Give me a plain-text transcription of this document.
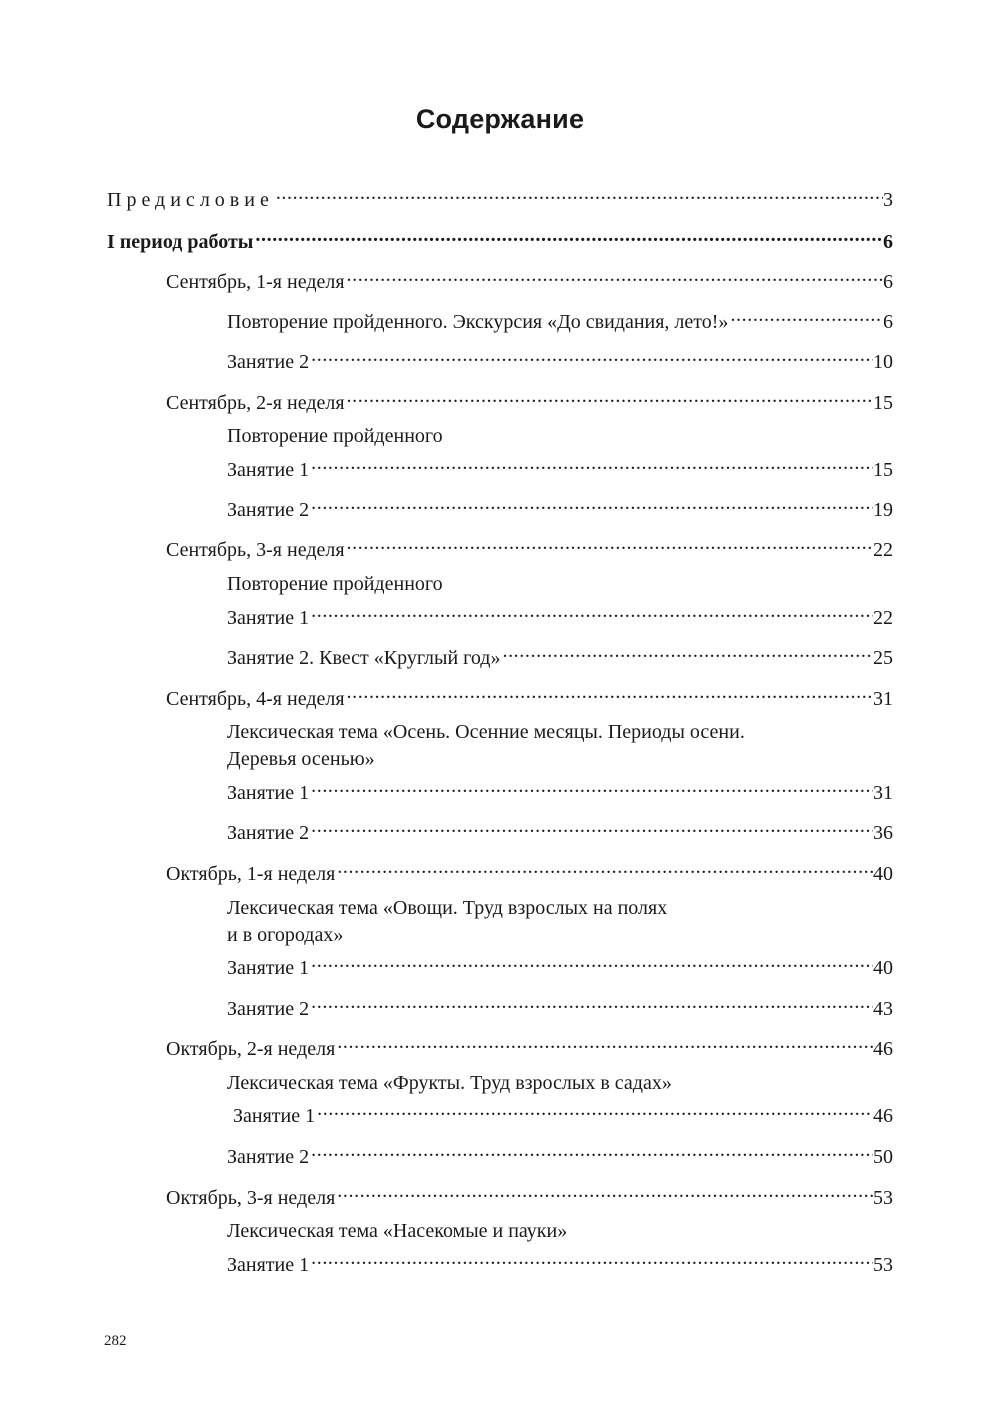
Содержание
Предисловие .....	3
I период работы .....	6
Сентябрь, 1-я неделя .....	6
Повторение пройденного. Экскурсия «До свидания, лето!» .....	6
Занятие 2 .....	10
Сентябрь, 2-я неделя .....	15
Повторение пройденного
Занятие 1 .....	15
Занятие 2 .....	19
Сентябрь, 3-я неделя .....	22
Повторение пройденного
Занятие 1 .....	22
Занятие 2. Квест «Круглый год» .....	25
Сентябрь, 4-я неделя .....	31
Лексическая тема «Осень. Осенние месяцы. Периоды осени.
Деревья осенью»
Занятие 1 .....	31
Занятие 2 .....	36
Октябрь, 1-я неделя .....	40
Лексическая тема «Овощи. Труд взрослых на полях
и в огородах»
Занятие 1 .....	40
Занятие 2 .....	43
Октябрь, 2-я неделя .....	46
Лексическая тема «Фрукты. Труд взрослых в садах»
Занятие 1 .....	46
Занятие 2 .....	50
Октябрь, 3-я неделя .....	53
Лексическая тема «Насекомые и пауки»
Занятие 1 .....	53
282
